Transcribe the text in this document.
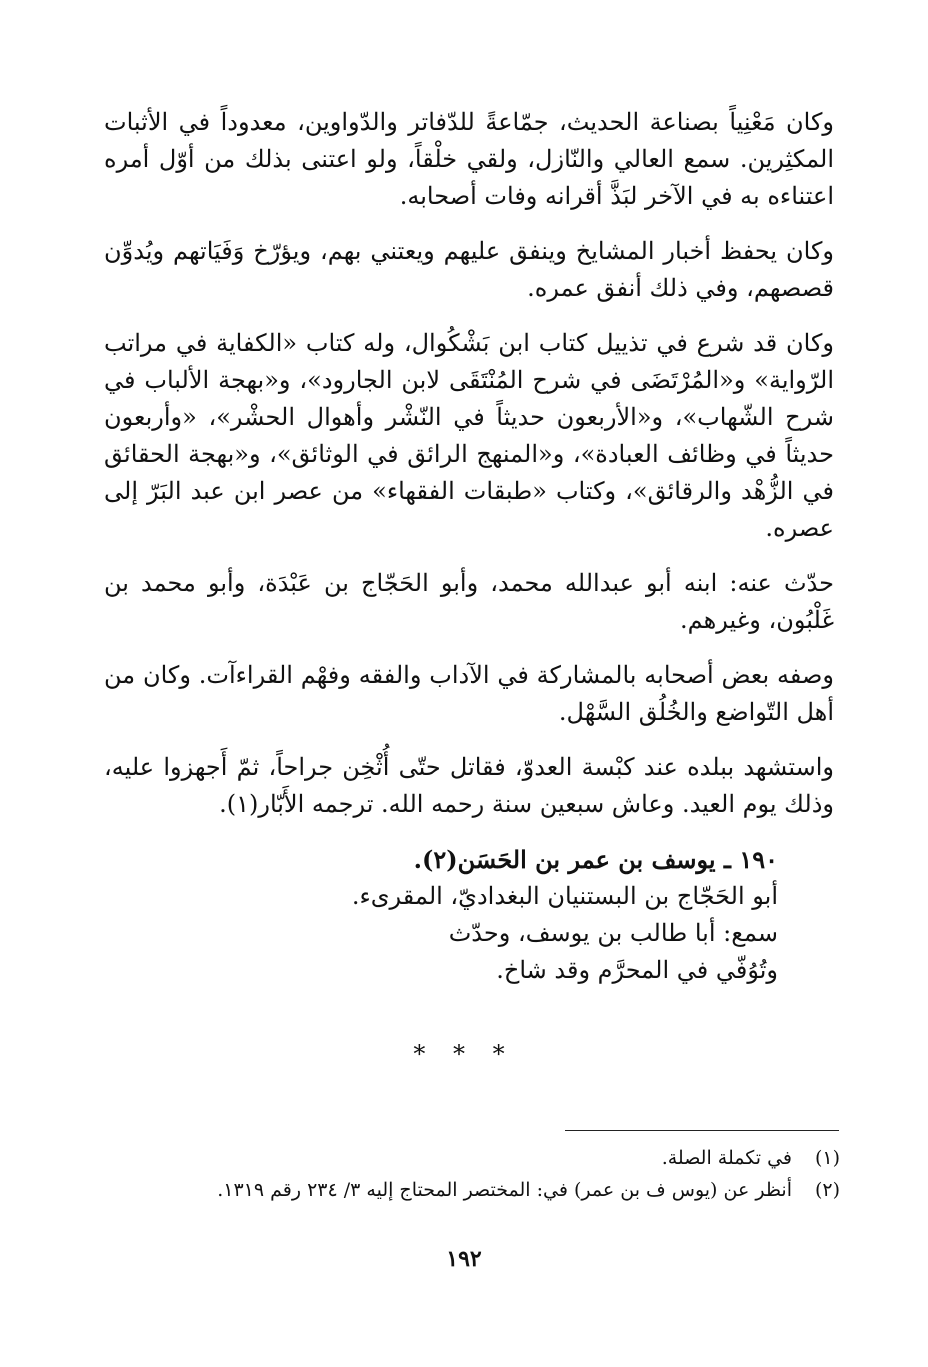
وكان مَعْنِياً بصناعة الحديث، جمّاعةً للدّفاتر والدّواوين، معدوداً في الأثبات المكثِرين. سمع العالي والنّازل، ولقي خلْقاً، ولو اعتنى بذلك من أوّل أمره اعتناءه به في الآخر لبَذَّ أقرانه وفات أصحابه.

وكان يحفظ أخبار المشايخ وينفق عليهم ويعتني بهم، ويؤرّخ وَفَيَاتهم ويُدوِّن قصصهم، وفي ذلك أنفق عمره.

وكان قد شرع في تذييل كتاب ابن بَشْكُوال، وله كتاب «الكفاية في مراتب الرّواية» و«المُرْتَضَى في شرح المُنْتَقَى لابن الجارود»، و«بهجة الألباب في شرح الشّهاب»، و«الأربعون حديثاً في النّشْر وأهوال الحشْر»، «وأربعون حديثاً في وظائف العبادة»، و«المنهج الرائق في الوثائق»، و«بهجة الحقائق في الزُّهْد والرقائق»، وكتاب «طبقات الفقهاء» من عصر ابن عبد البَرّ إلى عصره.

حدّث عنه: ابنه أبو عبدالله محمد، وأبو الحَجّاج بن عَبْدَة، وأبو محمد بن غَلْبُون، وغيرهم.

وصفه بعض أصحابه بالمشاركة في الآداب والفقه وفهْم القراءآت. وكان من أهل التّواضع والخُلُق السَّهْل.

واستشهد ببلده عند كبْسة العدوّ، فقاتل حتّى أُثْخِن جراحاً، ثمّ أَجهزوا عليه، وذلك يوم العيد. وعاش سبعين سنة رحمه الله. ترجمه الأَبّار(١).

١٩٠ ـ يوسف بن عمر بن الحَسَن(٢).

أبو الحَجّاج بن البستنيان البغداديّ، المقرىء.

سمع: أبا طالب بن يوسف، وحدّث

وتُوُفّي في المحرَّم وقد شاخ.

* * *
(١)
في تكملة الصلة.
(٢)
أنظر عن (يوس ف بن عمر) في: المختصر المحتاج إليه ٣/ ٢٣٤ رقم ١٣١٩.
١٩٢
